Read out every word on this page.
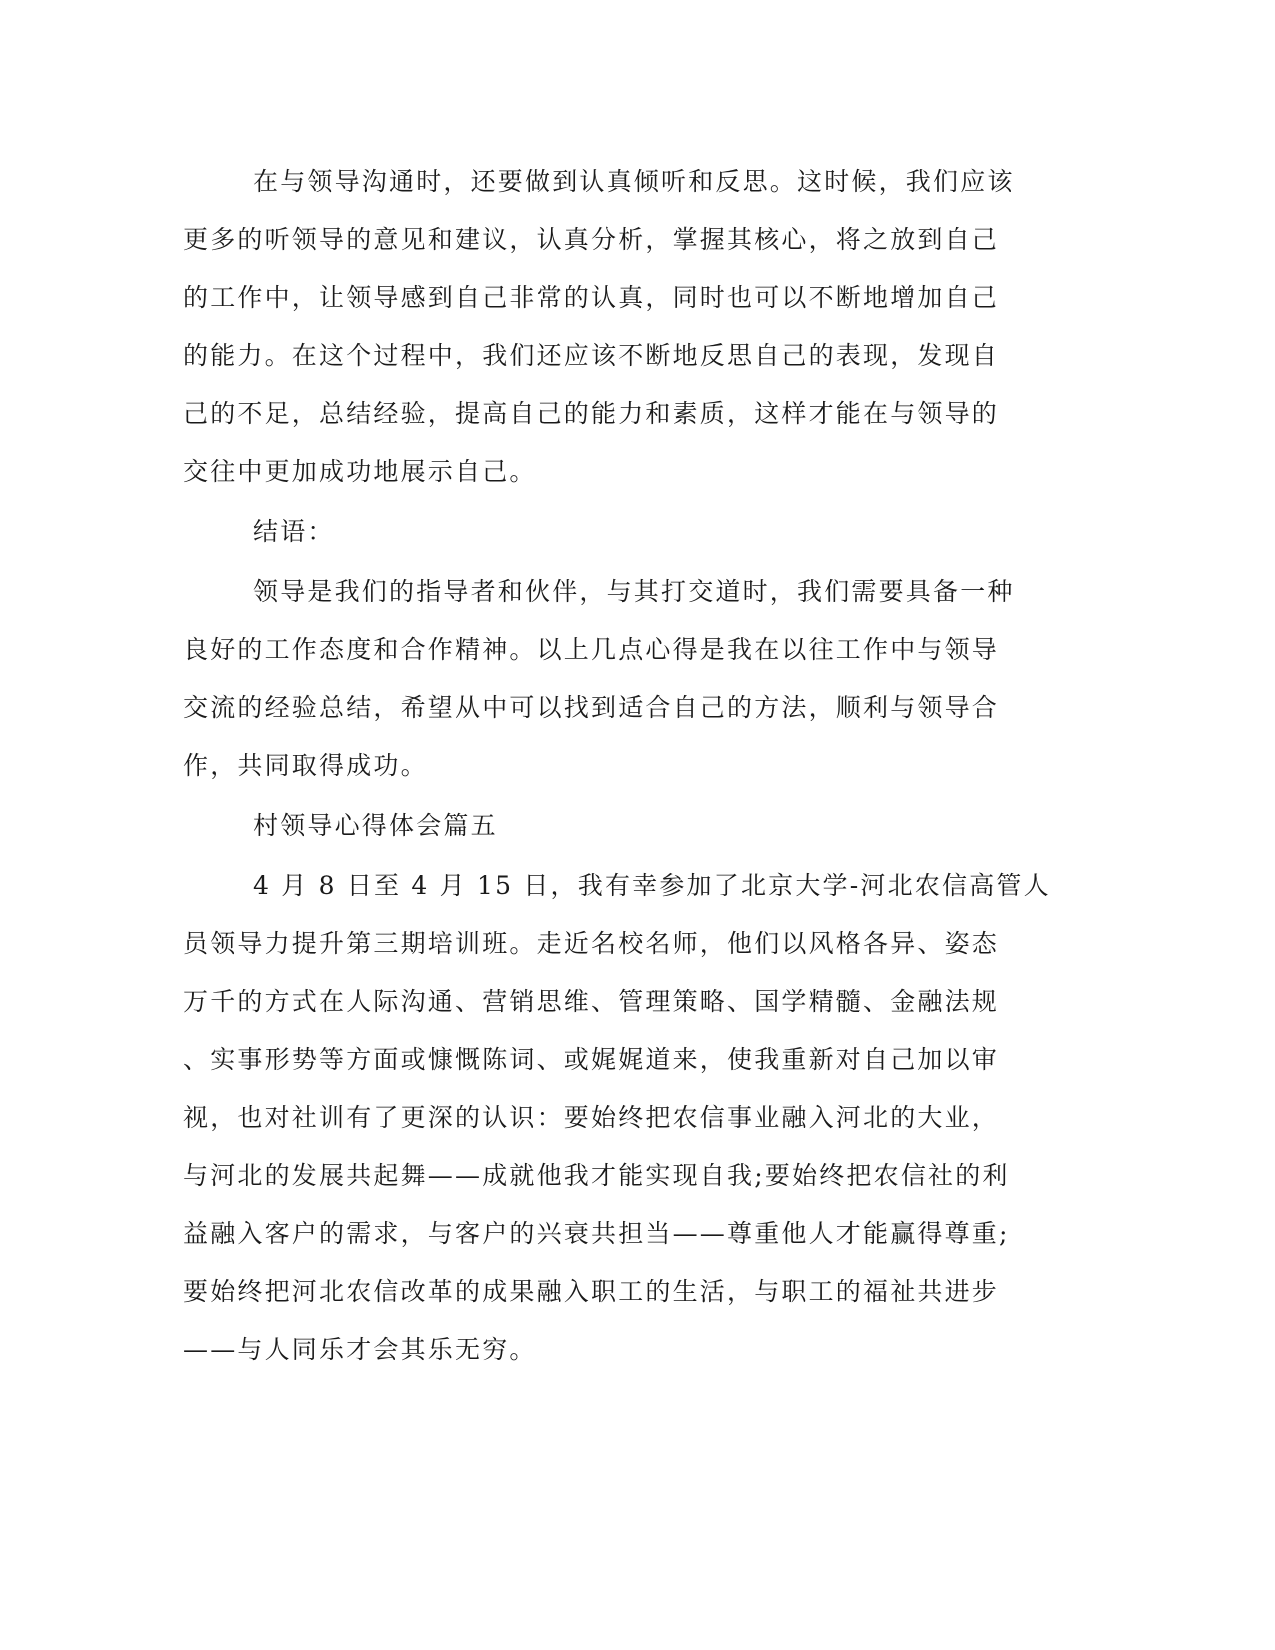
在与领导沟通时，还要做到认真倾听和反思。这时候，我们应该
更多的听领导的意见和建议，认真分析，掌握其核心，将之放到自己
的工作中，让领导感到自己非常的认真，同时也可以不断地增加自己
的能力。在这个过程中，我们还应该不断地反思自己的表现，发现自
己的不足，总结经验，提高自己的能力和素质，这样才能在与领导的
交往中更加成功地展示自己。
结语：
领导是我们的指导者和伙伴，与其打交道时，我们需要具备一种
良好的工作态度和合作精神。以上几点心得是我在以往工作中与领导
交流的经验总结，希望从中可以找到适合自己的方法，顺利与领导合
作，共同取得成功。
村领导心得体会篇五
4 月 8 日至 4 月 15 日，我有幸参加了北京大学-河北农信高管人
员领导力提升第三期培训班。走近名校名师，他们以风格各异、姿态
万千的方式在人际沟通、营销思维、管理策略、国学精髓、金融法规
、实事形势等方面或慷慨陈词、或娓娓道来，使我重新对自己加以审
视，也对社训有了更深的认识：要始终把农信事业融入河北的大业，
与河北的发展共起舞——成就他我才能实现自我;要始终把农信社的利
益融入客户的需求，与客户的兴衰共担当——尊重他人才能赢得尊重;
要始终把河北农信改革的成果融入职工的生活，与职工的福祉共进步
——与人同乐才会其乐无穷。
